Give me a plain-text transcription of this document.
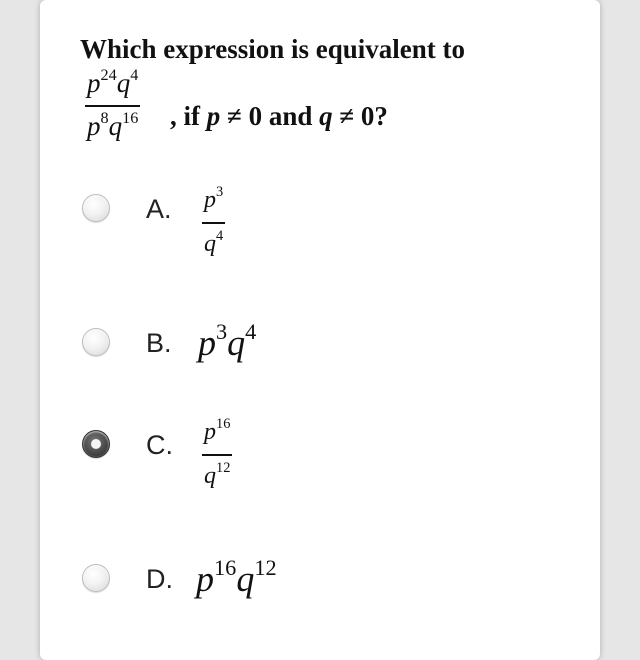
Which expression is equivalent to
$\frac{p^{24}q^4}{p^8q^{16}}$ , if p ≠ 0 and q ≠ 0?
A. $\frac{p^3}{q^4}$
B. $p^3q^4$
C. $\frac{p^{16}}{q^{12}}$
D. $p^{16}q^{12}$
